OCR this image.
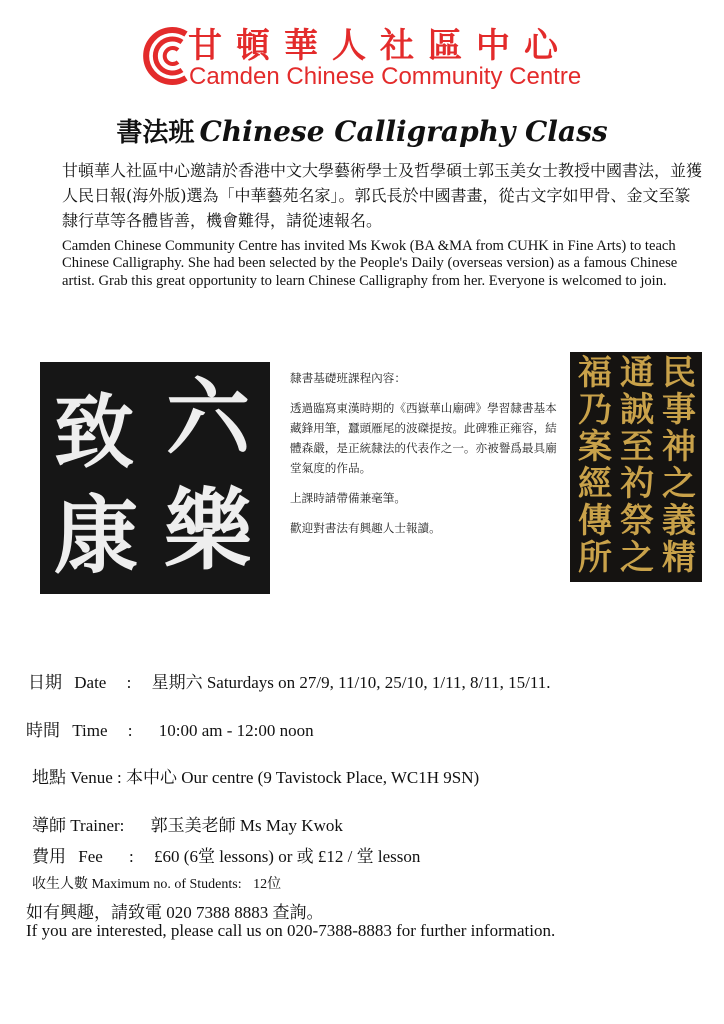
甘頓華人社區中心
Camden Chinese Community Centre
書法班 Chinese Calligraphy Class
甘頓華人社區中心邀請於香港中文大學藝術學士及哲學碩士郭玉美女士教授中國書法，並獲人民日報(海外版)選為「中華藝苑名家」。郭氏長於中國書畫，從古文字如甲骨、金文至篆隸行草等各體皆善，機會難得，請從速報名。
Camden Chinese Community Centre has invited Ms Kwok (BA &MA from CUHK in Fine Arts) to teach Chinese Calligraphy. She had been selected by the People's Daily (overseas version) as a famous Chinese artist. Grab this great opportunity to learn Chinese Calligraphy from her. Everyone is welcomed to join.
六
樂
致
康

隸書基礎班課程內容：

透過臨寫東漢時期的《西嶽華山廟碑》學習隸書基本藏鋒用筆，蠶頭雁尾的波磔提按。此碑雅正雍容，結體森嚴，是正統隸法的代表作之一。亦被譽爲最具廟堂氣度的作品。

上課時請帶備兼毫筆。

歡迎對書法有興趣人士報讀。

民
事
神
之
義
精
通
誠
至
礿
祭
之
福
乃
案
經
傳
所
日期 Date : 星期六 Saturdays on 27/9, 11/10, 25/10, 1/11, 8/11, 15/11.
時間 Time : 10:00 am - 12:00 noon
地點 Venue : 本中心 Our centre (9 Tavistock Place, WC1H 9SN)
導師 Trainer: 郭玉美老師 Ms May Kwok
費用 Fee : £60 (6堂 lessons) or 或 £12 / 堂 lesson
收生人數 Maximum no. of Students: 12位
如有興趣，請致電 020 7388 8883 查詢。
If you are interested, please call us on 020-7388-8883 for further information.
